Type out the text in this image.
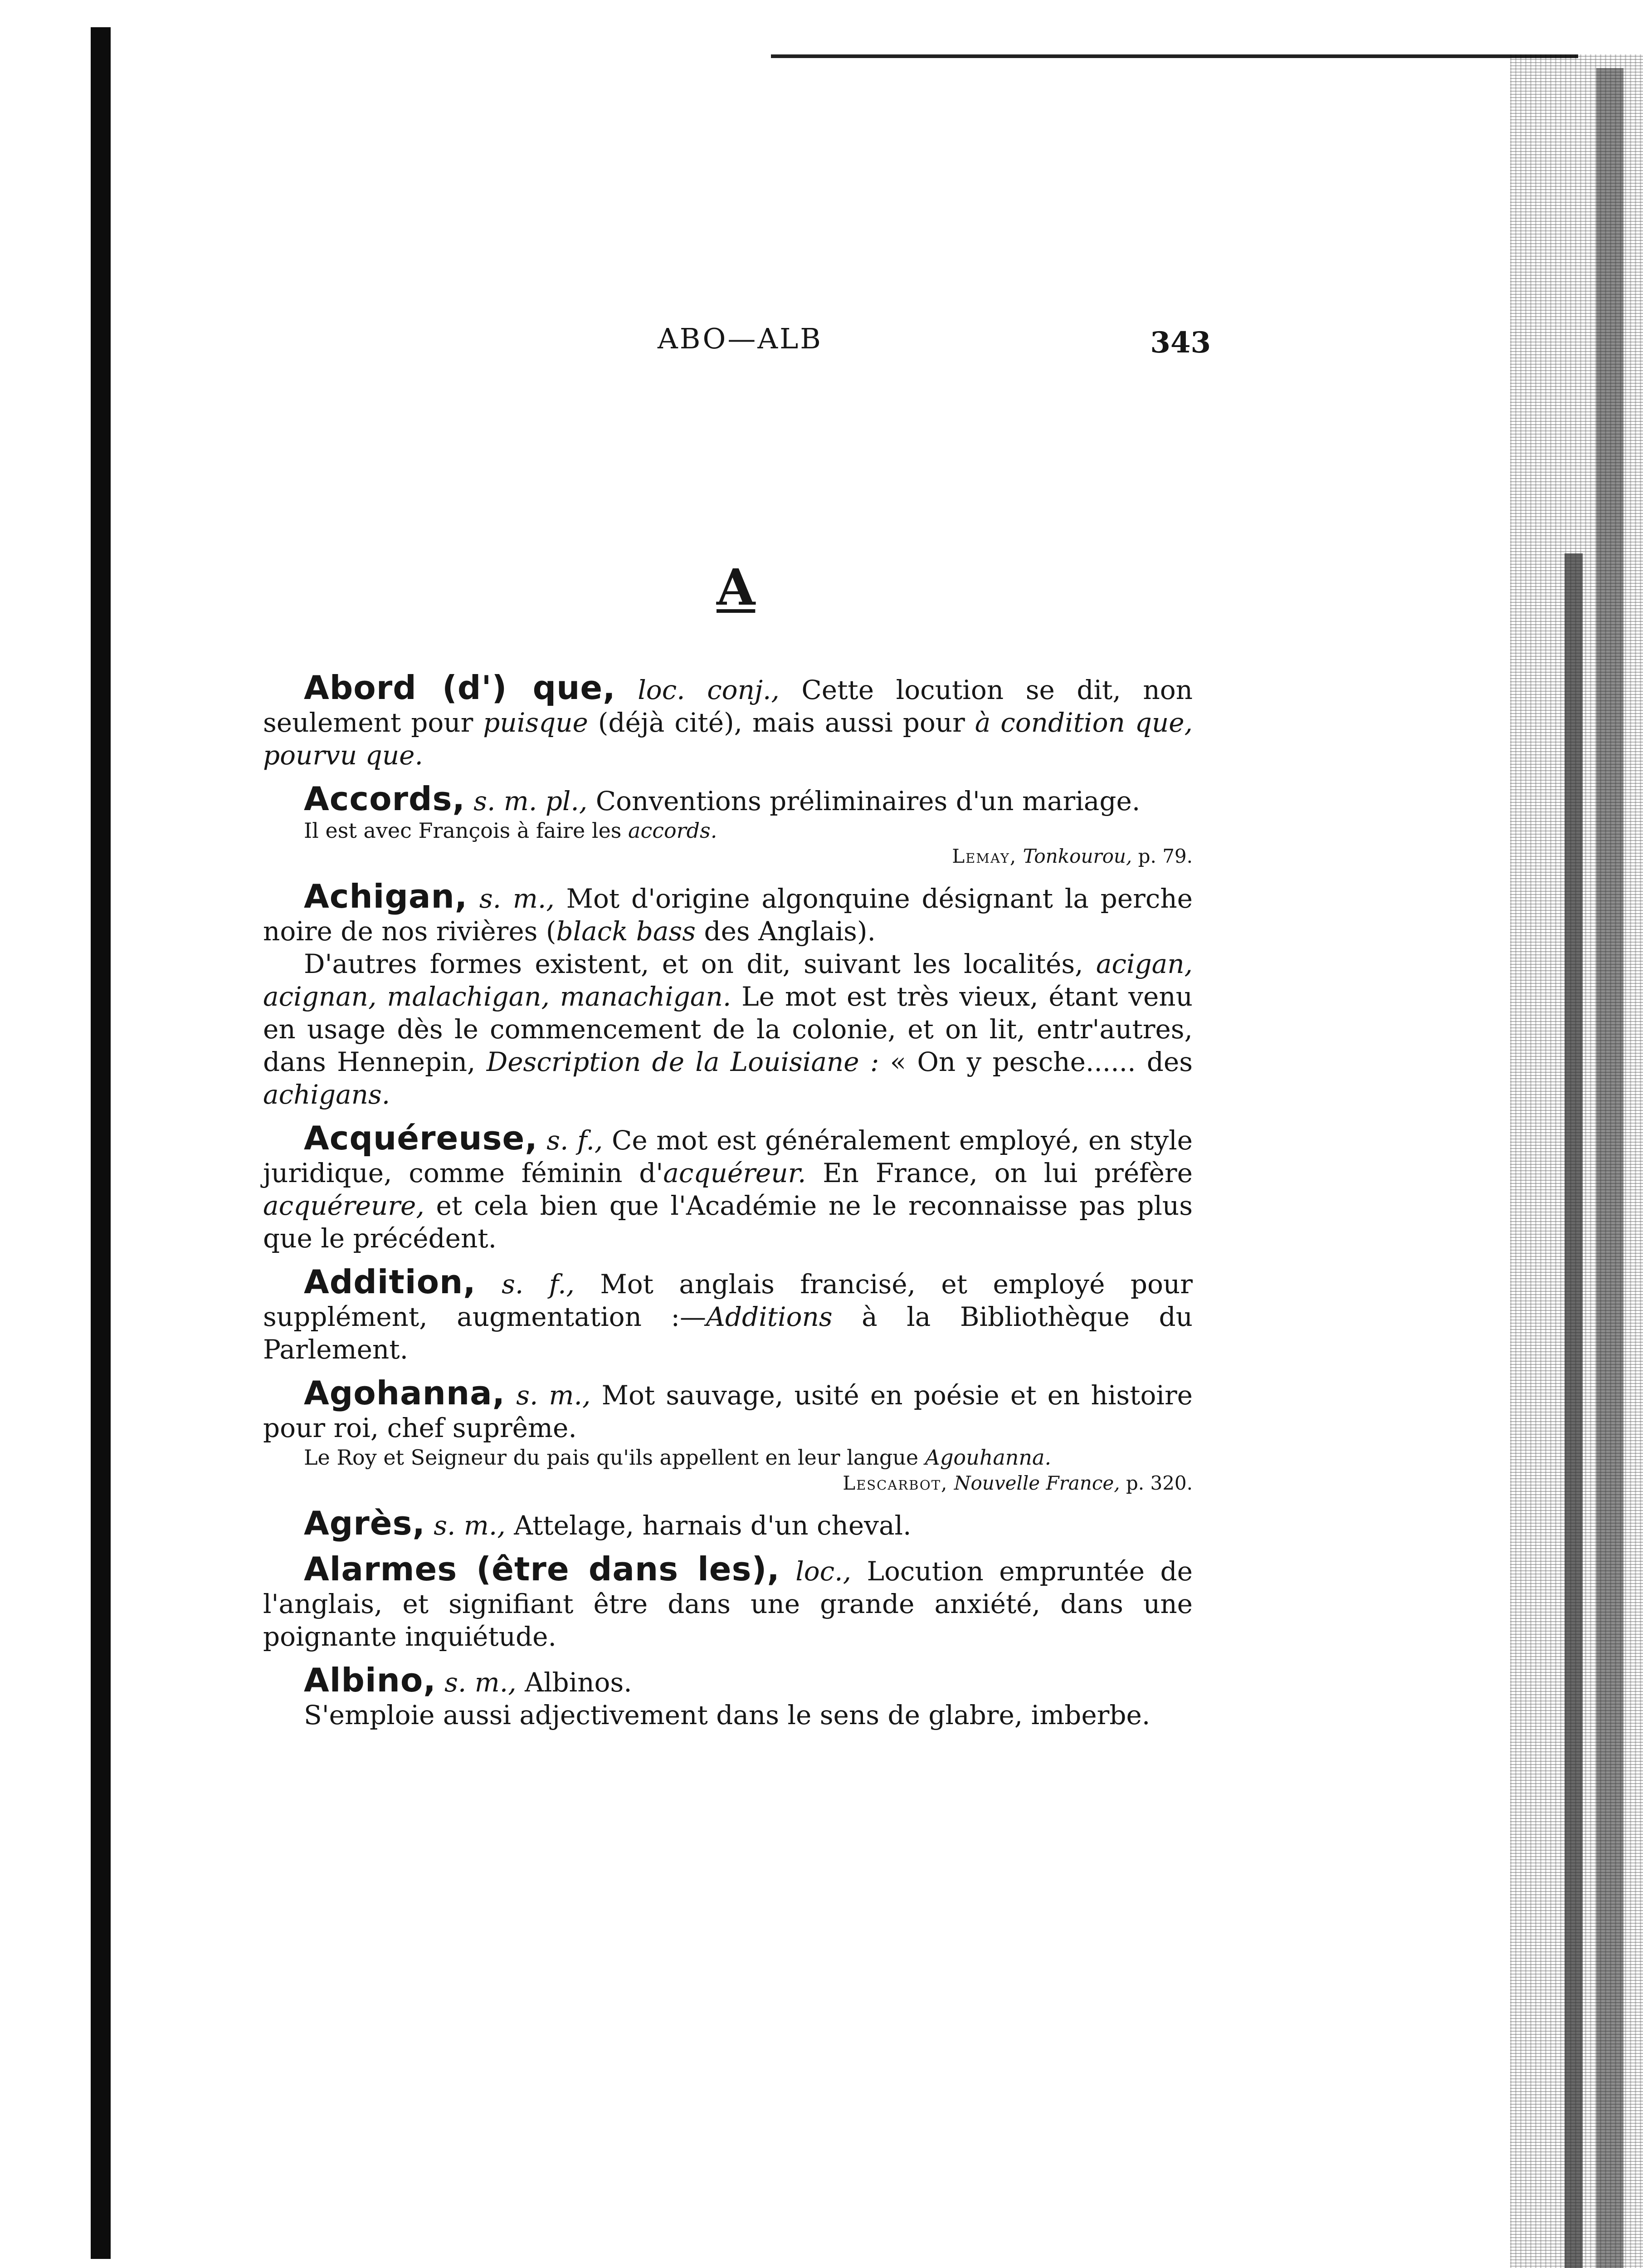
ABO—ALB	343
A

Abord (d') que, loc. conj., Cette locution se dit, non seulement pour puisque (déjà cité), mais aussi pour à condition que, pourvu que.

Accords, s. m. pl., Conventions préliminaires d'un mariage.

Il est avec François à faire les accords.

Lemay, Tonkourou, p. 79.

Achigan, s. m., Mot d'origine algonquine désignant la perche noire de nos rivières (black bass des Anglais).

D'autres formes existent, et on dit, suivant les localités, acigan, acignan, malachigan, manachigan. Le mot est très vieux, étant venu en usage dès le commencement de la colonie, et on lit, entr'autres, dans Hennepin, Description de la Louisiane : « On y pesche...... des achigans.

Acquéreuse, s. f., Ce mot est généralement employé, en style juridique, comme féminin d'acquéreur. En France, on lui préfère acquéreure, et cela bien que l'Académie ne le reconnaisse pas plus que le précédent.

Addition, s. f., Mot anglais francisé, et employé pour supplément, augmentation :—Additions à la Bibliothèque du Parlement.

Agohanna, s. m., Mot sauvage, usité en poésie et en histoire pour roi, chef suprême.

Le Roy et Seigneur du pais qu'ils appellent en leur langue Agouhanna.

Lescarbot, Nouvelle France, p. 320.

Agrès, s. m., Attelage, harnais d'un cheval.

Alarmes (être dans les), loc., Locution empruntée de l'anglais, et signifiant être dans une grande anxiété, dans une poignante inquiétude.

Albino, s. m., Albinos.

S'emploie aussi adjectivement dans le sens de glabre, imberbe.
